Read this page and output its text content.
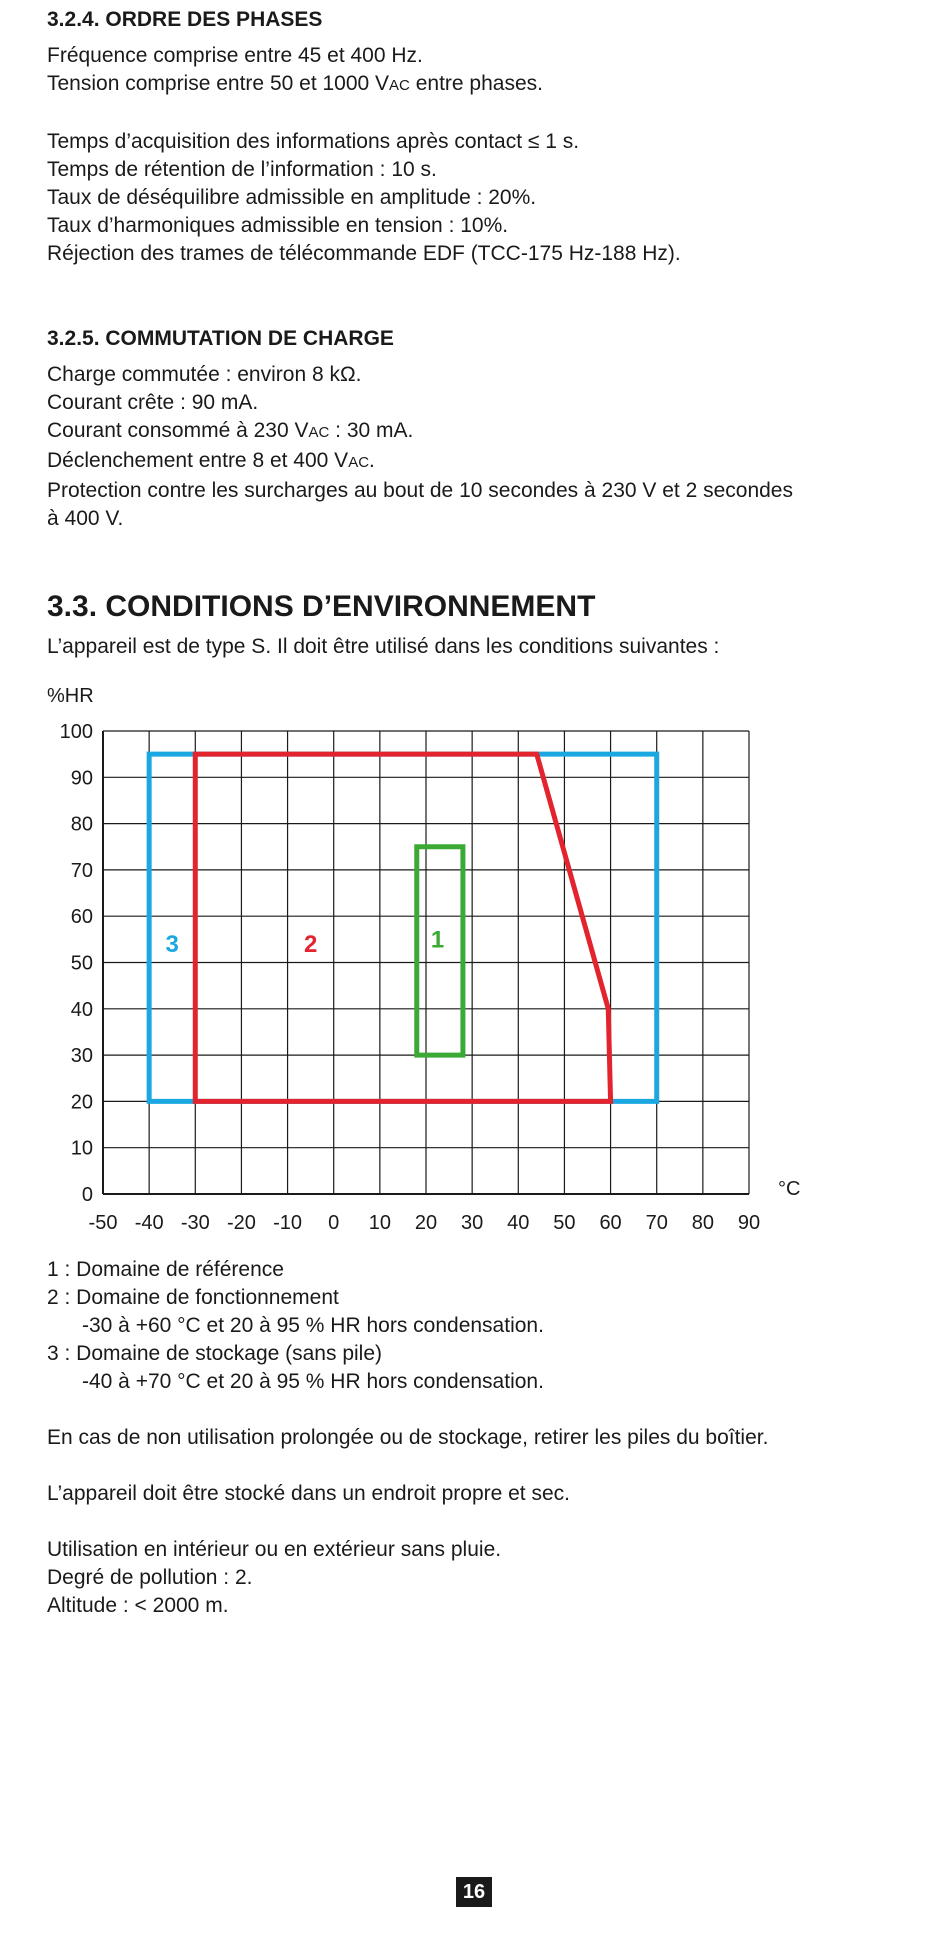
3.2.4. ORDRE DES PHASES

Fréquence comprise entre 45 et 400 Hz.

Tension comprise entre 50 et 1000 VAC entre phases.

Temps d’acquisition des informations après contact ≤ 1 s.

Temps de rétention de l’information : 10 s.

Taux de déséquilibre admissible en amplitude : 20%.

Taux d’harmoniques admissible en tension : 10%.

Réjection des trames de télécommande EDF (TCC-175 Hz-188 Hz).

3.2.5. COMMUTATION DE CHARGE

Charge commutée : environ 8 kΩ.

Courant crête : 90 mA.

Courant consommé à 230 VAC : 30 mA.

Déclenchement entre 8 et 400 VAC.

Protection contre les surcharges au bout de 10 secondes à 230 V et 2 secondes

à 400 V.

3.3. CONDITIONS D’ENVIRONNEMENT

L’appareil est de type S. Il doit être utilisé dans les conditions suivantes :

%HR
°C
-50 -40 -30 -20 -10 0 10 20 30 40 50 60 70 80 90
0
10
20
30
40
50
60
70
80
90
100
1
2
3

1 : Domaine de référence

2 : Domaine de fonctionnement

-30 à +60 °C et 20 à 95 % HR hors condensation.

3 : Domaine de stockage (sans pile)

-40 à +70 °C et 20 à 95 % HR hors condensation.

En cas de non utilisation prolongée ou de stockage, retirer les piles du boîtier.

L’appareil doit être stocké dans un endroit propre et sec.

Utilisation en intérieur ou en extérieur sans pluie.

Degré de pollution : 2.

Altitude : < 2000 m.

16
